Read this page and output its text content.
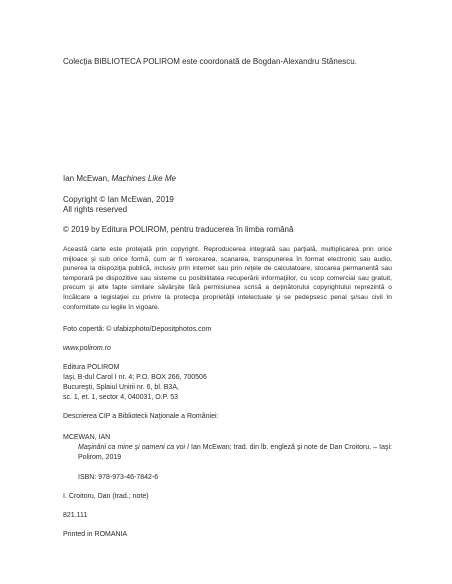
Colecția BIBLIOTECA POLIROM este coordonată de Bogdan-Alexandru Stănescu.

Ian McEwan, Machines Like Me

Copyright © Ian McEwan, 2019

All rights reserved

© 2019 by Editura POLIROM, pentru traducerea în limba română

Această carte este protejată prin copyright. Reproducerea integrală sau parţială, multiplicarea prin orice mijloace şi sub orice formă, cum ar fi xeroxarea, scanarea, transpunerea în format electronic sau audio, punerea la dispoziţia publică, inclusiv prin internet sau prin reţele de calculatoare, stocarea permanentă sau temporară pe dispozitive sau sisteme cu posibilitatea recuperării informaţiilor, cu scop comercial sau gratuit, precum şi alte fapte similare săvârşite fără permisiunea scrisă a deţinătorului copyrightului reprezintă o încălcare a legislaţiei cu privire la protecţia proprietăţii intelectuale şi se pedepsesc penal şi/sau civil în conformitate cu legile în vigoare.

Foto copertă: © ufabizphoto/Depositphotos.com

www.polirom.ro

Editura POLIROM

Iaşi, B-dul Carol I nr. 4; P.O. BOX 266, 700506

Bucureşti, Splaiul Unirii nr. 6, bl. B3A,

sc. 1, et. 1, sector 4, 040031, O.P. 53

Descrierea CIP a Bibliotecii Naţionale a României:

MCEWAN, IAN

Maşinării ca mine şi oameni ca voi / Ian McEwan; trad. din lb. engleză şi note de Dan Croitoru. – Iaşi: Polirom, 2019

ISBN: 978-973-46-7842-6

I. Croitoru, Dan (trad.; note)

821.111

Printed in ROMANIA
